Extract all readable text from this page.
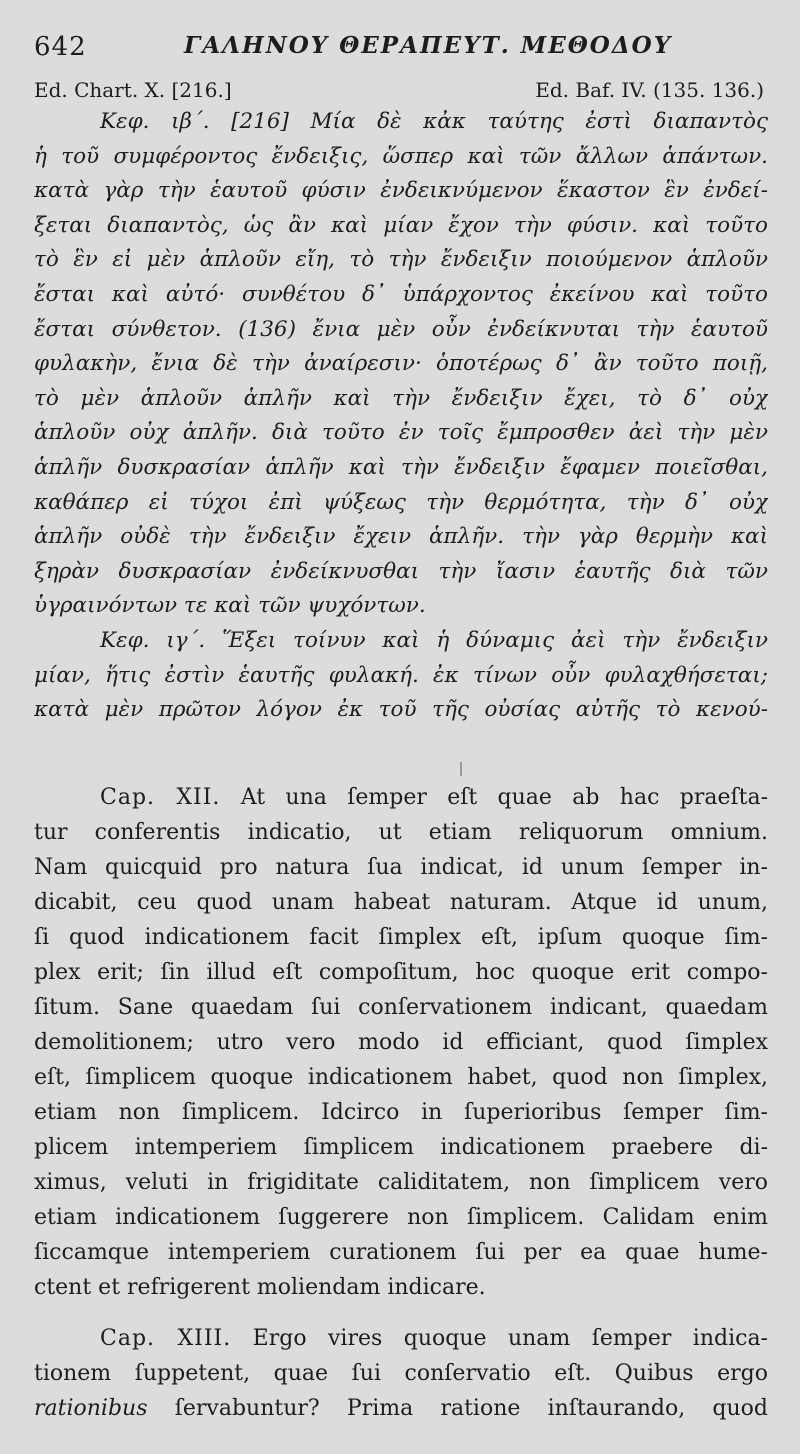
642	ΓΑΛΗΝΟΥ ΘΕΡΑΠΕΥΤ. ΜΕΘΟΔΟΥ
Ed. Chart. X. [216.]	Ed. Baf. IV. (135. 136.)
Κεφ. ιβ΄. [216] Μία δὲ κἀκ ταύτης ἐστὶ διαπαντὸς
ἡ τοῦ συμφέροντος ἔνδειξις, ὥσπερ καὶ τῶν ἄλλων ἁπάντων.
κατὰ γὰρ τὴν ἑαυτοῦ φύσιν ἐνδεικνύμενον ἕκαστον ἓν ἐνδεί-
ξεται διαπαντὸς, ὡς ἂν καὶ μίαν ἔχον τὴν φύσιν. καὶ τοῦτο
τὸ ἓν εἰ μὲν ἁπλοῦν εἴη, τὸ τὴν ἔνδειξιν ποιούμενον ἁπλοῦν
ἔσται καὶ αὐτό· συνθέτου δ᾽ ὑπάρχοντος ἐκείνου καὶ τοῦτο
ἔσται σύνθετον. (136) ἔνια μὲν οὖν ἐνδείκνυται τὴν ἑαυτοῦ
φυλακὴν, ἔνια δὲ τὴν ἀναίρεσιν· ὁποτέρως δ᾽ ἂν τοῦτο ποιῇ,
τὸ μὲν ἁπλοῦν ἁπλῆν καὶ τὴν ἔνδειξιν ἔχει, τὸ δ᾽ οὐχ
ἁπλοῦν οὐχ ἁπλῆν. διὰ τοῦτο ἐν τοῖς ἔμπροσθεν ἀεὶ τὴν μὲν
ἁπλῆν δυσκρασίαν ἁπλῆν καὶ τὴν ἔνδειξιν ἔφαμεν ποιεῖσθαι,
καθάπερ εἰ τύχοι ἐπὶ ψύξεως τὴν θερμότητα, τὴν δ᾽ οὐχ
ἁπλῆν οὐδὲ τὴν ἔνδειξιν ἔχειν ἁπλῆν. τὴν γὰρ θερμὴν καὶ
ξηρὰν δυσκρασίαν ἐνδείκνυσθαι τὴν ἴασιν ἑαυτῆς διὰ τῶν
ὑγραινόντων τε καὶ τῶν ψυχόντων.
Κεφ. ιγ΄. Ἕξει τοίνυν καὶ ἡ δύναμις ἀεὶ τὴν ἔνδειξιν
μίαν, ἥτις ἐστὶν ἑαυτῆς φυλακή. ἐκ τίνων οὖν φυλαχθήσεται;
κατὰ μὲν πρῶτον λόγον ἐκ τοῦ τῆς οὐσίας αὐτῆς τὸ κενού-
Cap. XII. At una ſemper eſt quae ab hac praeſta-
tur conferentis indicatio, ut etiam reliquorum omnium.
Nam quicquid pro natura ſua indicat, id unum ſemper in-
dicabit, ceu quod unam habeat naturam. Atque id unum,
ſi quod indicationem facit ſimplex eſt, ipſum quoque ſim-
plex erit; ſin illud eſt compoſitum, hoc quoque erit compo-
ſitum. Sane quaedam ſui conſervationem indicant, quaedam
demolitionem; utro vero modo id efficiant, quod ſimplex
eſt, ſimplicem quoque indicationem habet, quod non ſimplex,
etiam non ſimplicem. Idcirco in ſuperioribus ſemper ſim-
plicem intemperiem ſimplicem indicationem praebere di-
ximus, veluti in frigiditate caliditatem, non ſimplicem vero
etiam indicationem ſuggerere non ſimplicem. Calidam enim
ſiccamque intemperiem curationem ſui per ea quae hume-
ctent et refrigerent moliendam indicare.
Cap. XIII. Ergo vires quoque unam ſemper indica-
tionem ſuppetent, quae ſui conſervatio eſt. Quibus ergo
rationibus ſervabuntur? Prima ratione inſtaurando, quod
